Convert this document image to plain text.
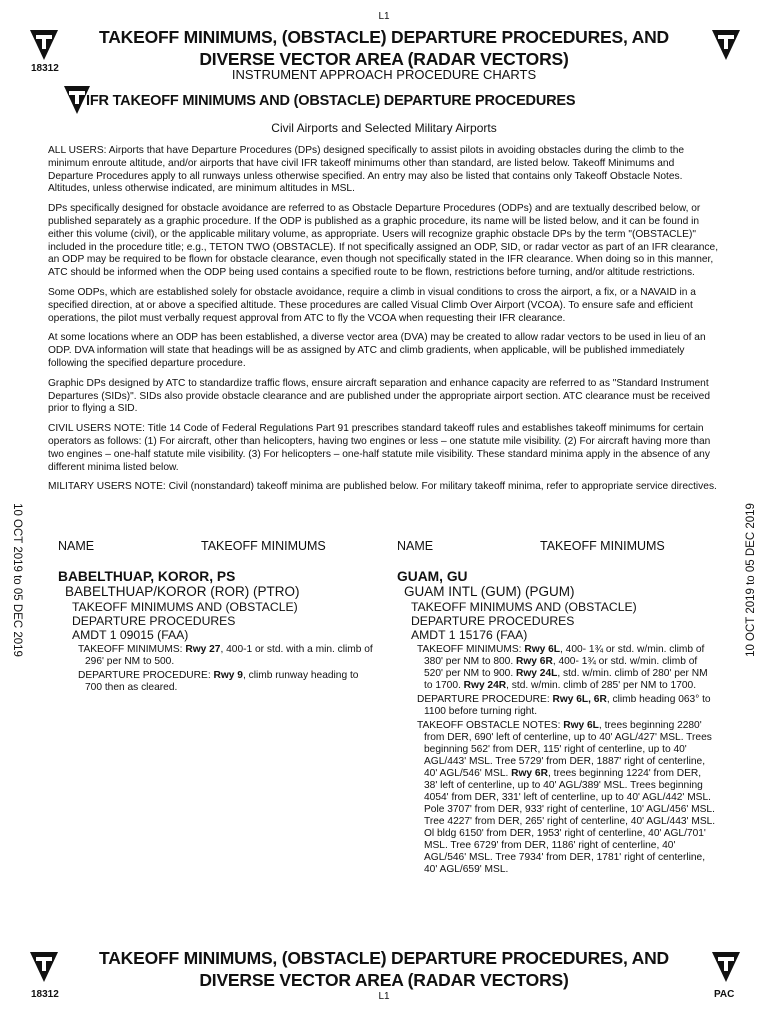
L1
18312
TAKEOFF MINIMUMS, (OBSTACLE) DEPARTURE PROCEDURES, AND
DIVERSE VECTOR AREA (RADAR VECTORS)
INSTRUMENT APPROACH PROCEDURE CHARTS
IFR TAKEOFF MINIMUMS AND (OBSTACLE) DEPARTURE PROCEDURES
Civil Airports and Selected Military Airports

ALL USERS: Airports that have Departure Procedures (DPs) designed specifically to assist pilots in avoiding obstacles during the climb to the minimum enroute altitude, and/or airports that have civil IFR takeoff minimums other than standard, are listed below. Takeoff Minimums and Departure Procedures apply to all runways unless otherwise specified. An entry may also be listed that contains only Takeoff Obstacle Notes. Altitudes, unless otherwise indicated, are minimum altitudes in MSL.

DPs specifically designed for obstacle avoidance are referred to as Obstacle Departure Procedures (ODPs) and are textually described below, or published separately as a graphic procedure. If the ODP is published as a graphic procedure, its name will be listed below, and it can be found in either this volume (civil), or the applicable military volume, as appropriate. Users will recognize graphic obstacle DPs by the term "(OBSTACLE)" included in the procedure title; e.g., TETON TWO (OBSTACLE). If not specifically assigned an ODP, SID, or radar vector as part of an IFR clearance, an ODP may be required to be flown for obstacle clearance, even though not specifically stated in the IFR clearance. When doing so in this manner, ATC should be informed when the ODP being used contains a specified route to be flown, restrictions before turning, and/or altitude restrictions.

Some ODPs, which are established solely for obstacle avoidance, require a climb in visual conditions to cross the airport, a fix, or a NAVAID in a specified direction, at or above a specified altitude. These procedures are called Visual Climb Over Airport (VCOA). To ensure safe and efficient operations, the pilot must verbally request approval from ATC to fly the VCOA when requesting their IFR clearance.

At some locations where an ODP has been established, a diverse vector area (DVA) may be created to allow radar vectors to be used in lieu of an ODP. DVA information will state that headings will be as assigned by ATC and climb gradients, when applicable, will be published immediately following the specified departure procedure.

Graphic DPs designed by ATC to standardize traffic flows, ensure aircraft separation and enhance capacity are referred to as "Standard Instrument Departures (SIDs)". SIDs also provide obstacle clearance and are published under the appropriate airport section. ATC clearance must be received prior to flying a SID.

CIVIL USERS NOTE: Title 14 Code of Federal Regulations Part 91 prescribes standard takeoff rules and establishes takeoff minimums for certain operators as follows: (1) For aircraft, other than helicopters, having two engines or less – one statute mile visibility. (2) For aircraft having more than two engines – one-half statute mile visibility. (3) For helicopters – one-half statute mile visibility. These standard minima apply in the absence of any different minima listed below.

MILITARY USERS NOTE: Civil (nonstandard) takeoff minima are published below. For military takeoff minima, refer to appropriate service directives.

10 OCT 2019 to 05 DEC 2019	10 OCT 2019 to 05 DEC 2019
NAME	TAKEOFF MINIMUMS
BABELTHUAP, KOROR, PS
BABELTHUAP/KOROR (ROR) (PTRO)
TAKEOFF MINIMUMS AND (OBSTACLE)
DEPARTURE PROCEDURES
AMDT 1 09015 (FAA)
TAKEOFF MINIMUMS: Rwy 27, 400-1 or std. with a min. climb of 296' per NM to 500.
DEPARTURE PROCEDURE: Rwy 9, climb runway heading to 700 then as cleared.
NAME	TAKEOFF MINIMUMS
GUAM, GU
GUAM INTL (GUM) (PGUM)
TAKEOFF MINIMUMS AND (OBSTACLE)
DEPARTURE PROCEDURES
AMDT 1 15176 (FAA)
TAKEOFF MINIMUMS: Rwy 6L, 400- 1¾ or std. w/min. climb of 380' per NM to 800. Rwy 6R, 400- 1¾ or std. w/min. climb of 520' per NM to 900. Rwy 24L, std. w/min. climb of 280' per NM to 1700. Rwy 24R, std. w/min. climb of 285' per NM to 1700.
DEPARTURE PROCEDURE: Rwy 6L, 6R, climb heading 063° to 1100 before turning right.
TAKEOFF OBSTACLE NOTES: Rwy 6L, trees beginning 2280' from DER, 690' left of centerline, up to 40' AGL/427' MSL. Trees beginning 562' from DER, 115' right of centerline, up to 40' AGL/443' MSL. Tree 5729' from DER, 1887' right of centerline, 40' AGL/546' MSL. Rwy 6R, trees beginning 1224' from DER, 38' left of centerline, up to 40' AGL/389' MSL. Trees beginning 4054' from DER, 331' left of centerline, up to 40' AGL/442' MSL. Pole 3707' from DER, 933' right of centerline, 10' AGL/456' MSL. Tree 4227' from DER, 265' right of centerline, 40' AGL/443' MSL. Ol bldg 6150' from DER, 1953' right of centerline, 40' AGL/701' MSL. Tree 6729' from DER, 1186' right of centerline, 40' AGL/546' MSL. Tree 7934' from DER, 1781' right of centerline, 40' AGL/659' MSL.
TAKEOFF MINIMUMS, (OBSTACLE) DEPARTURE PROCEDURES, AND
DIVERSE VECTOR AREA (RADAR VECTORS)
L1
18312	PAC
